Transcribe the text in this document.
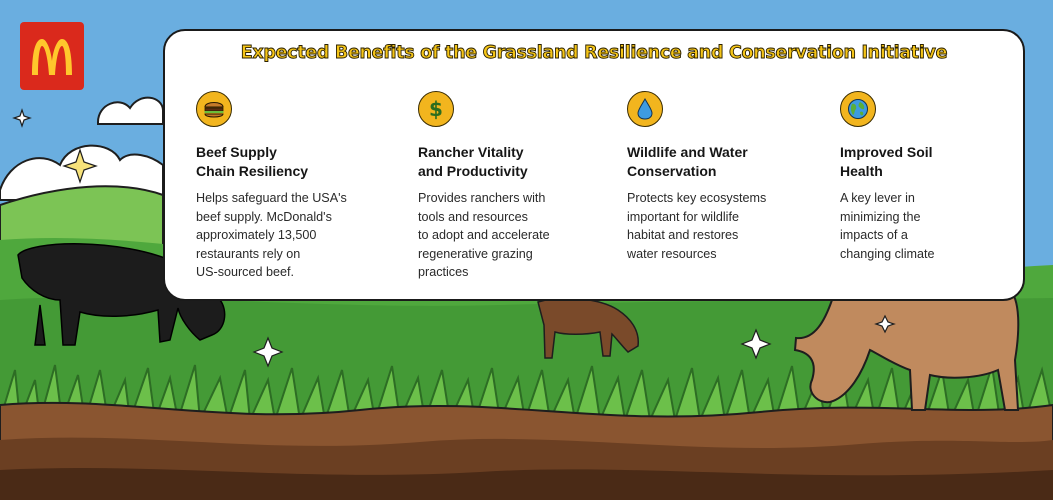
Expected Benefits of the Grassland Resilience and Conservation Initiative
Beef Supply
Chain Resiliency

Helps safeguard the USA's
beef supply. McDonald's
approximately 13,500
restaurants rely on
US-sourced beef.

$
Rancher Vitality
and Productivity

Provides ranchers with
tools and resources
to adopt and accelerate
regenerative grazing
practices

Wildlife and Water
Conservation

Protects key ecosystems
important for wildlife
habitat and restores
water resources

Improved Soil
Health

A key lever in
minimizing the
impacts of a
changing climate
